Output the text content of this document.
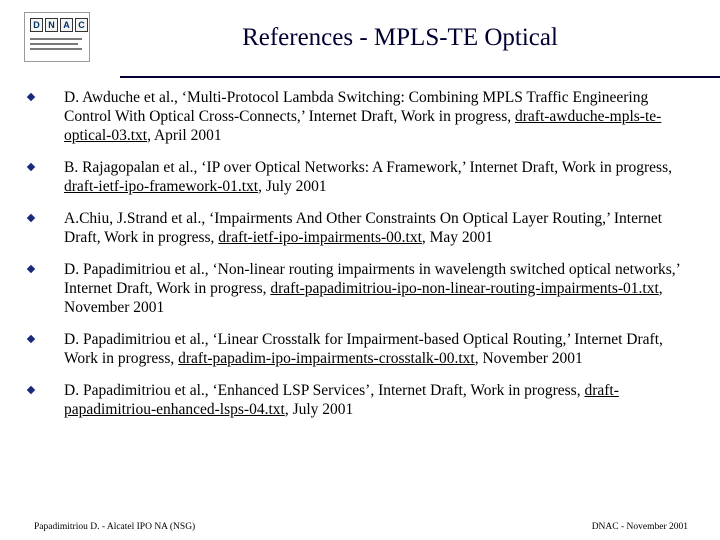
D N A C	References - MPLS-TE Optical
D. Awduche et al., ‘Multi-Protocol Lambda Switching: Combining MPLS Traffic Engineering Control With Optical Cross-Connects,’ Internet Draft, Work in progress, draft-awduche-mpls-te-optical-03.txt, April 2001
B. Rajagopalan et al., ‘IP over Optical Networks: A Framework,’ Internet Draft, Work in progress, draft-ietf-ipo-framework-01.txt, July 2001
A.Chiu, J.Strand et al., ‘Impairments And Other Constraints On Optical Layer Routing,’ Internet Draft, Work in progress, draft-ietf-ipo-impairments-00.txt, May 2001
D. Papadimitriou et al., ‘Non-linear routing impairments in wavelength switched optical networks,’ Internet Draft, Work in progress, draft-papadimitriou-ipo-non-linear-routing-impairments-01.txt, November 2001
D. Papadimitriou et al., ‘Linear Crosstalk for Impairment-based Optical Routing,’ Internet Draft, Work in progress, draft-papadim-ipo-impairments-crosstalk-00.txt, November 2001
D. Papadimitriou et al., ‘Enhanced LSP Services’, Internet Draft, Work in progress, draft-papadimitriou-enhanced-lsps-04.txt, July 2001
Papadimitriou D. - Alcatel IPO NA (NSG)	DNAC - November 2001
